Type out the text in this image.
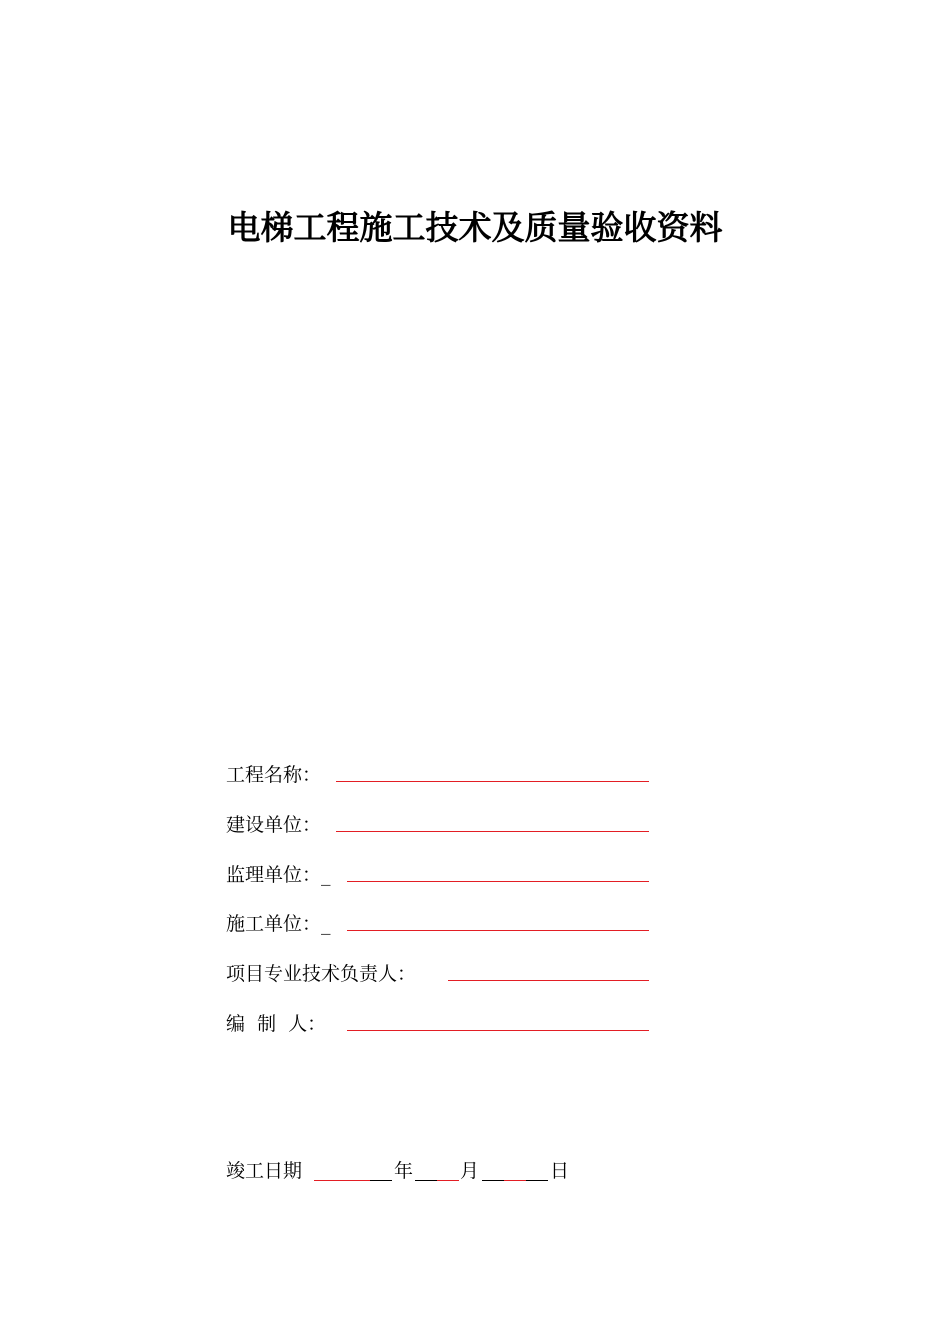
电梯工程施工技术及质量验收资料
工程名称：
建设单位：
监理单位：_
施工单位：_
项目专业技术负责人：
编  制  人：
竣工日期	年 月	日
